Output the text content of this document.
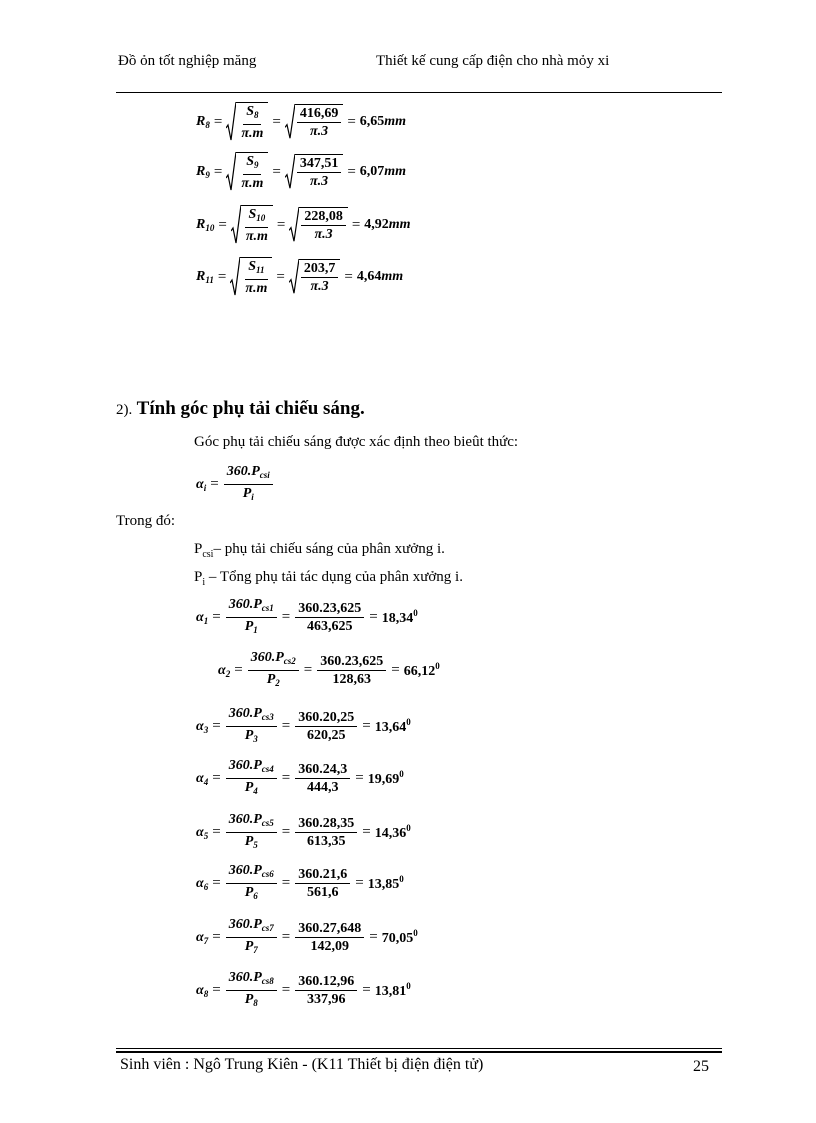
Đồ ỏn tốt nghiệp măng	Thiết kế cung cấp điện cho nhà mỏy xi
$R_8 = \frac{S_8}{\pi.m} = \frac{416,69}{\pi.3} = 6,65$ mm
$R_9 = \frac{S_9}{\pi.m} = \frac{347,51}{\pi.3} = 6,07$ mm
$R_{10} = \frac{S_{10}}{\pi.m} = \frac{228,08}{\pi.3} = 4,92$ mm
$R_{11} = \frac{S_{11}}{\pi.m} = \frac{203,7}{\pi.3} = 4,64$ mm
2). Tính góc phụ tải chiếu sáng.
Góc phụ tải chiếu sáng được xác định theo bieût thức:
$\alpha_i = \frac{360.P_{csi}}{P_i}$
Trong đó:
$P_{csi}-$ phụ tải chiếu sáng của phân xưởng i.
$P_i$ – Tổng phụ tải tác dụng của phân xưởng i.
$\alpha_1 = \frac{360.P_{cs1}}{P_1} = \frac{360.23,625}{463,625} = 18,34^0$
$\alpha_2 = \frac{360.P_{cs2}}{P_2} = \frac{360.23,625}{128,63} = 66,12^0$
$\alpha_3 = \frac{360.P_{cs3}}{P_3} = \frac{360.20,25}{620,25} = 13,64^0$
$\alpha_4 = \frac{360.P_{cs4}}{P_4} = \frac{360.24,3}{444,3} = 19,69^0$
$\alpha_5 = \frac{360.P_{cs5}}{P_5} = \frac{360.28,35}{613,35} = 14,36^0$
$\alpha_6 = \frac{360.P_{cs6}}{P_6} = \frac{360.21,6}{561,6} = 13,85^0$
$\alpha_7 = \frac{360.P_{cs7}}{P_7} = \frac{360.27,648}{142,09} = 70,05^0$
$\alpha_8 = \frac{360.P_{cs8}}{P_8} = \frac{360.12,96}{337,96} = 13,81^0$
Sinh viên : Ngô Trung Kiên - (K11 Thiết bị điện điện tử)	25
